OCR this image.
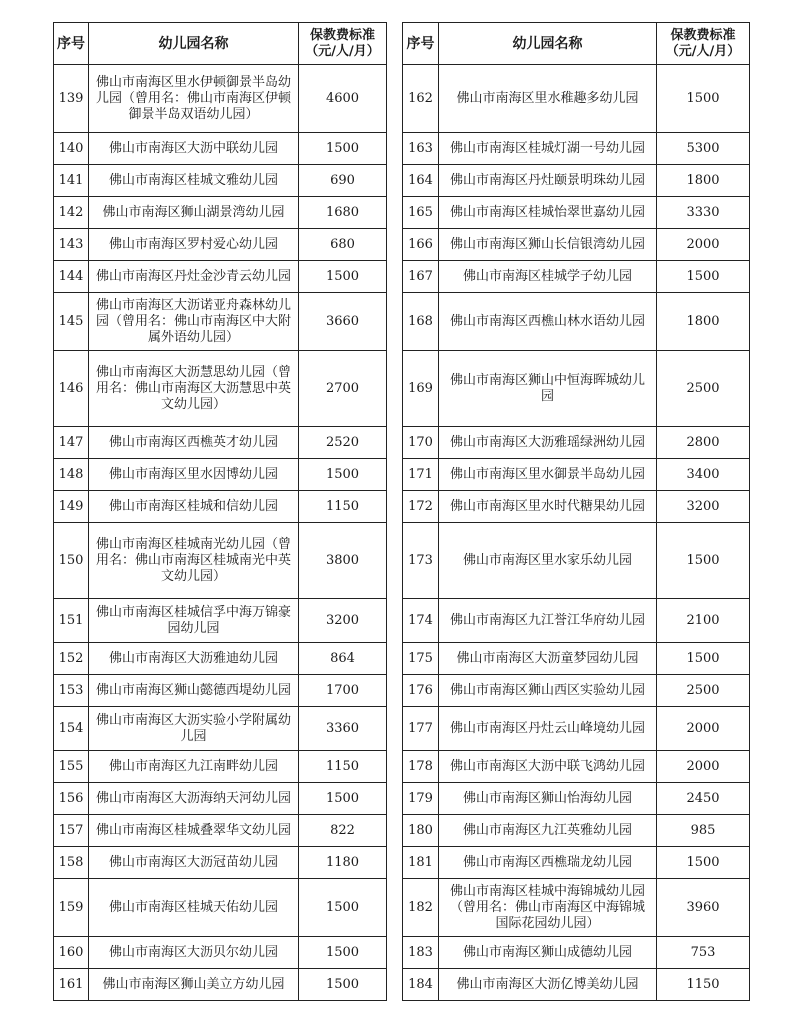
序号	幼儿园名称	保教费标准
（元/人/月）
139	佛山市南海区里水伊顿御景半岛幼儿园（曾用名：佛山市南海区伊顿御景半岛双语幼儿园）	4600
140	佛山市南海区大沥中联幼儿园	1500
141	佛山市南海区桂城文雅幼儿园	690
142	佛山市南海区狮山湖景湾幼儿园	1680
143	佛山市南海区罗村爱心幼儿园	680
144	佛山市南海区丹灶金沙青云幼儿园	1500
145	佛山市南海区大沥诺亚舟森林幼儿园（曾用名：佛山市南海区中大附属外语幼儿园）	3660
146	佛山市南海区大沥慧思幼儿园（曾用名：佛山市南海区大沥慧思中英文幼儿园）	2700
147	佛山市南海区西樵英才幼儿园	2520
148	佛山市南海区里水因博幼儿园	1500
149	佛山市南海区桂城和信幼儿园	1150
150	佛山市南海区桂城南光幼儿园（曾用名：佛山市南海区桂城南光中英文幼儿园）	3800
151	佛山市南海区桂城信孚中海万锦豪园幼儿园	3200
152	佛山市南海区大沥雅迪幼儿园	864
153	佛山市南海区狮山懿德西堤幼儿园	1700
154	佛山市南海区大沥实验小学附属幼儿园	3360
155	佛山市南海区九江南畔幼儿园	1150
156	佛山市南海区大沥海纳天河幼儿园	1500
157	佛山市南海区桂城叠翠华文幼儿园	822
158	佛山市南海区大沥冠苗幼儿园	1180
159	佛山市南海区桂城天佑幼儿园	1500
160	佛山市南海区大沥贝尔幼儿园	1500
161	佛山市南海区狮山美立方幼儿园	1500
序号	幼儿园名称	保教费标准
（元/人/月）
162	佛山市南海区里水稚趣多幼儿园	1500
163	佛山市南海区桂城灯湖一号幼儿园	5300
164	佛山市南海区丹灶颐景明珠幼儿园	1800
165	佛山市南海区桂城怡翠世嘉幼儿园	3330
166	佛山市南海区狮山长信银湾幼儿园	2000
167	佛山市南海区桂城学子幼儿园	1500
168	佛山市南海区西樵山林水语幼儿园	1800
169	佛山市南海区狮山中恒海晖城幼儿园	2500
170	佛山市南海区大沥雅瑶绿洲幼儿园	2800
171	佛山市南海区里水御景半岛幼儿园	3400
172	佛山市南海区里水时代糖果幼儿园	3200
173	佛山市南海区里水家乐幼儿园	1500
174	佛山市南海区九江誉江华府幼儿园	2100
175	佛山市南海区大沥童梦园幼儿园	1500
176	佛山市南海区狮山西区实验幼儿园	2500
177	佛山市南海区丹灶云山峰境幼儿园	2000
178	佛山市南海区大沥中联飞鸿幼儿园	2000
179	佛山市南海区狮山怡海幼儿园	2450
180	佛山市南海区九江英雅幼儿园	985
181	佛山市南海区西樵瑞龙幼儿园	1500
182	佛山市南海区桂城中海锦城幼儿园（曾用名：佛山市南海区中海锦城国际花园幼儿园）	3960
183	佛山市南海区狮山成德幼儿园	753
184	佛山市南海区大沥亿博美幼儿园	1150
